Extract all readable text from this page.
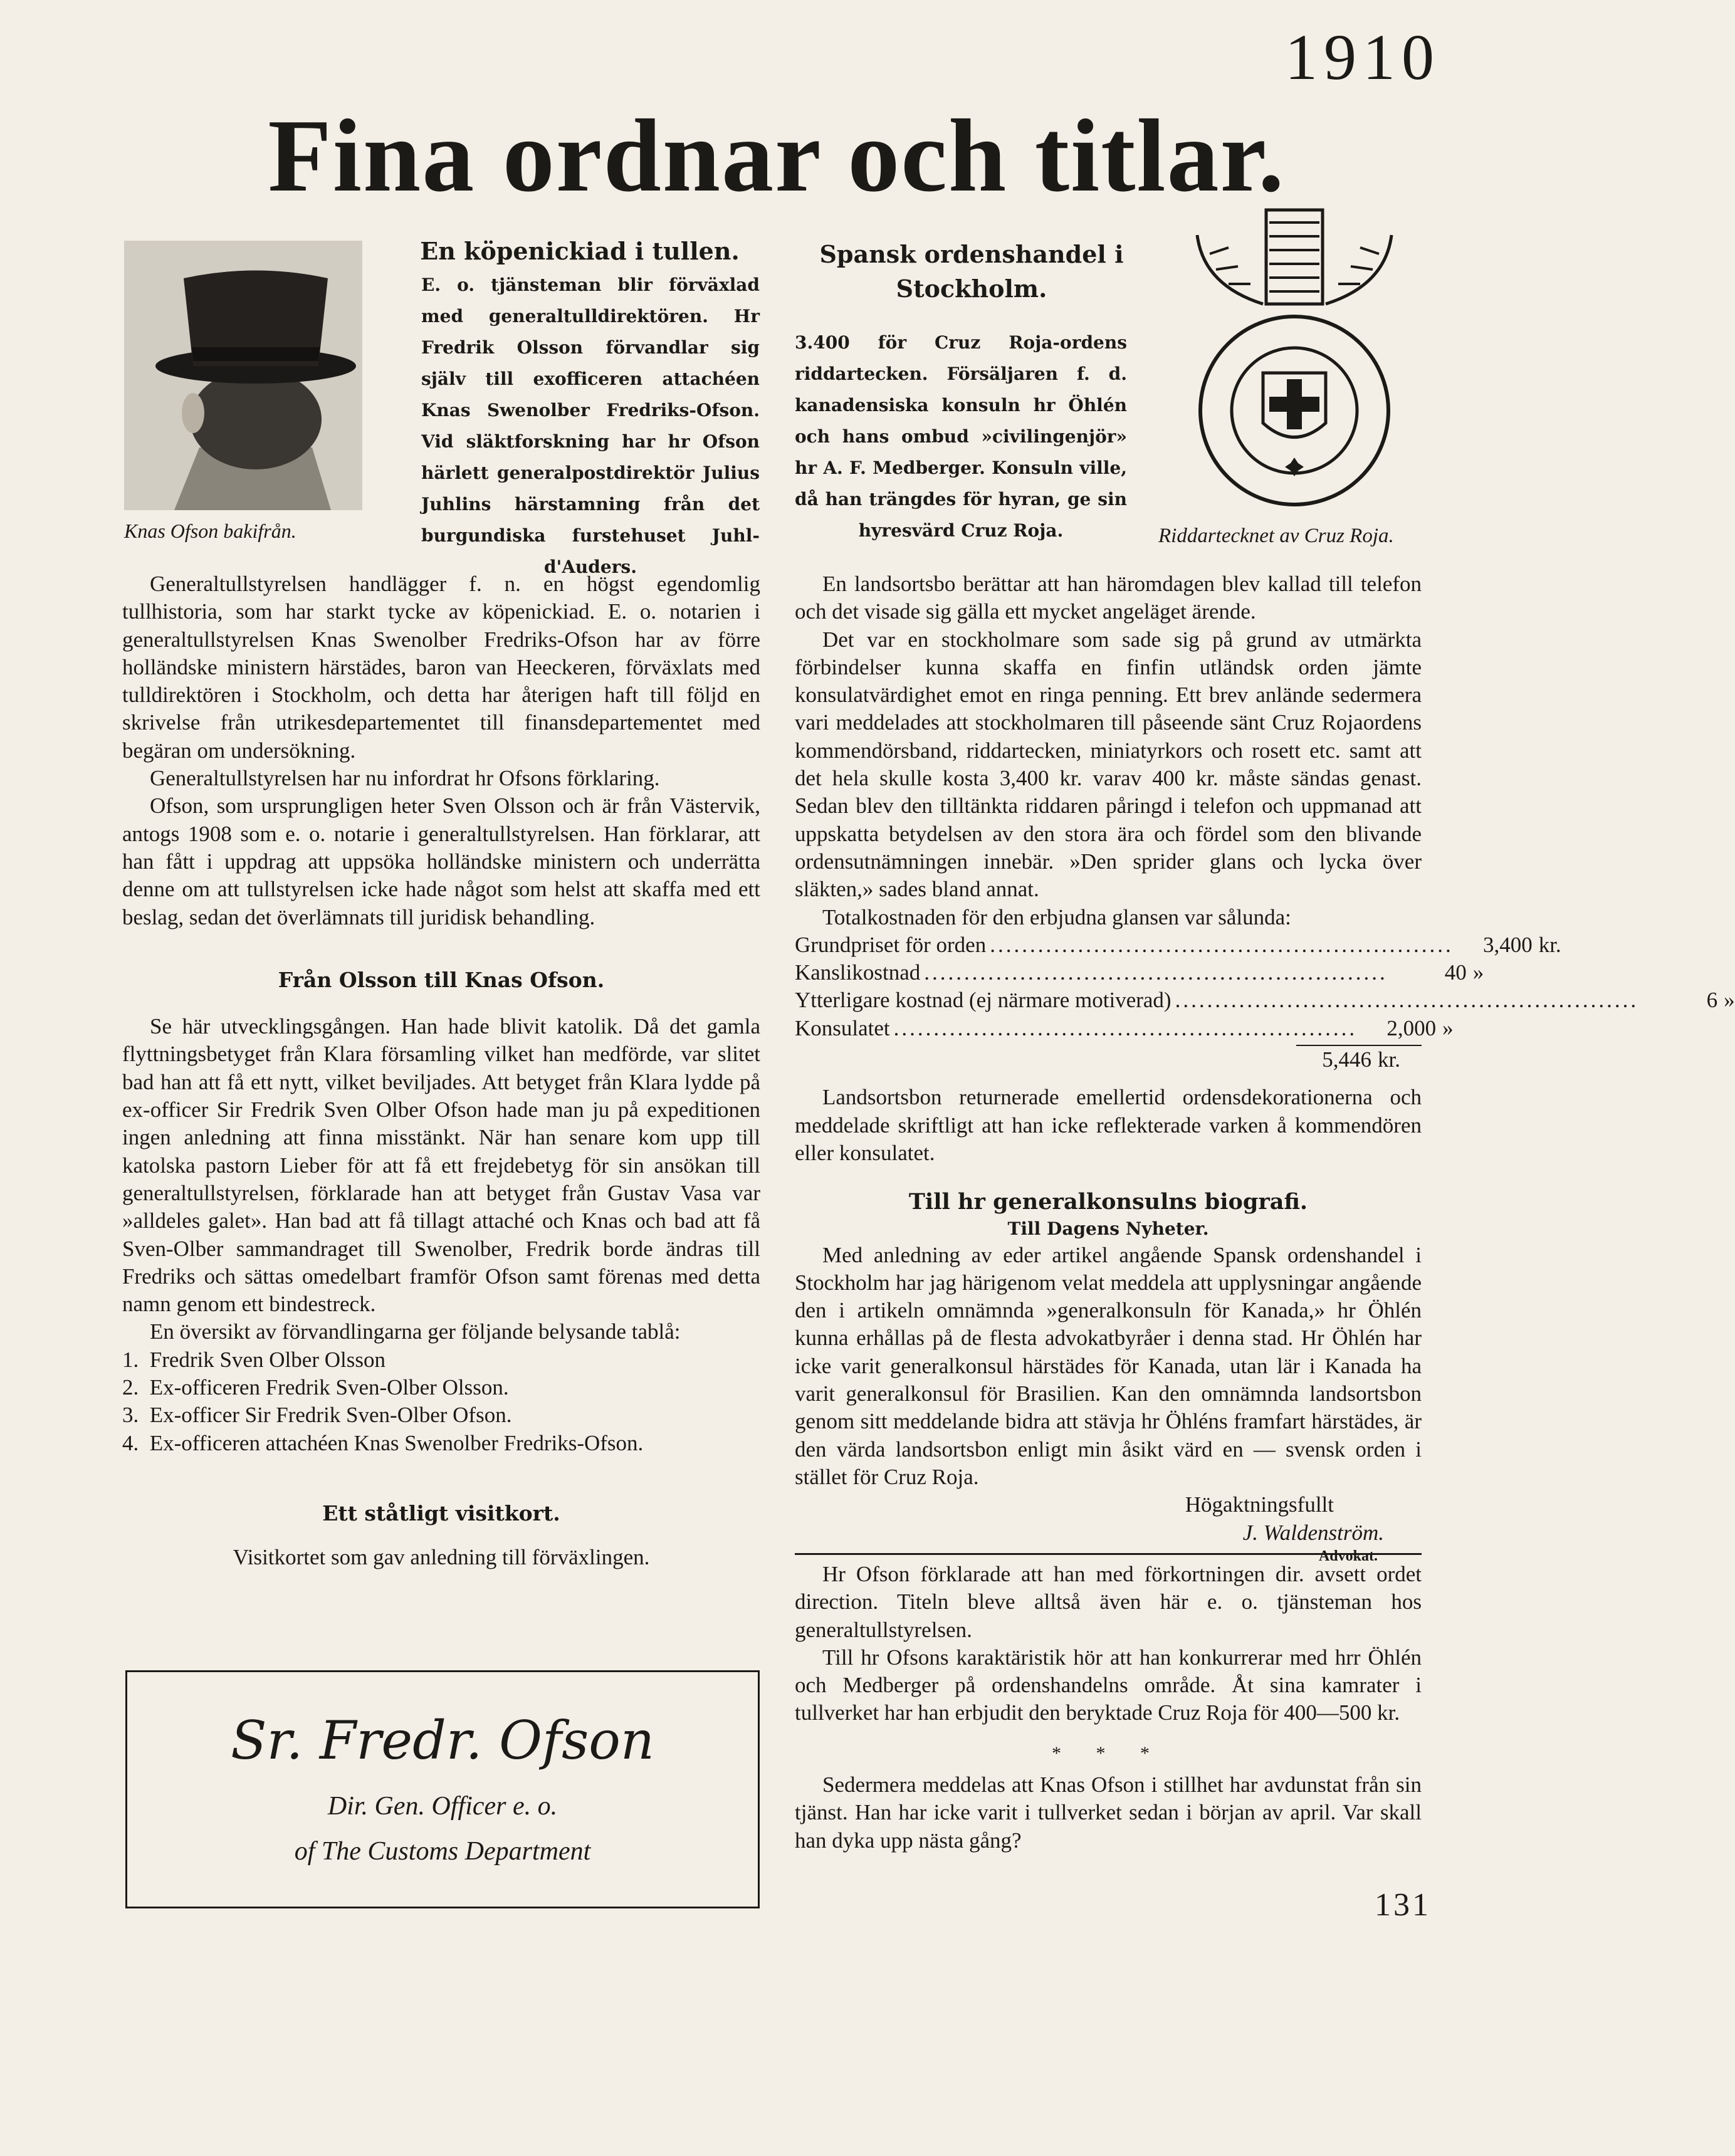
1910
Fina ordnar och titlar.
Knas Ofson bakifrån.
En köpenickiad i tullen.
E. o. tjänsteman blir förväxlad med generaltulldirektören. Hr Fredrik Olsson förvandlar sig själv till exofficeren attachéen Knas Swenolber Fredriks-Ofson. Vid släktforskning har hr Ofson härlett generalpostdirektör Julius Juhlins härstamning från det burgundiska furstehuset Juhl-d'Auders.
Spansk ordenshandel i Stockholm.
3.400 för Cruz Roja-ordens riddartecken. Försäljaren f. d. kanadensiska konsuln hr Öhlén och hans ombud »civilingenjör» hr A. F. Medberger. Konsuln ville, då han trängdes för hyran, ge sin hyresvärd Cruz Roja.	Riddartecknet av Cruz Roja.

Generaltullstyrelsen handlägger f. n. en högst egendomlig tullhistoria, som har starkt tycke av köpenickiad. E. o. notarien i generaltullstyrelsen Knas Swenolber Fredriks-Ofson har av förre holländske ministern härstädes, baron van Heeckeren, förväxlats med tulldirektören i Stockholm, och detta har återigen haft till följd en skrivelse från utrikesdepartementet till finansdepartementet med begäran om undersökning.

Generaltullstyrelsen har nu infordrat hr Ofsons förklaring.

Ofson, som ursprungligen heter Sven Olsson och är från Västervik, antogs 1908 som e. o. notarie i generaltullstyrelsen. Han förklarar, att han fått i uppdrag att uppsöka holländske ministern och underrätta denne om att tullstyrelsen icke hade något som helst att skaffa med ett beslag, sedan det överlämnats till juridisk behandling.

Från Olsson till Knas Ofson.

Se här utvecklingsgången. Han hade blivit katolik. Då det gamla flyttningsbetyget från Klara församling vilket han medförde, var slitet bad han att få ett nytt, vilket beviljades. Att betyget från Klara lydde på ex-officer Sir Fredrik Sven Olber Ofson hade man ju på expeditionen ingen anledning att finna misstänkt. När han senare kom upp till katolska pastorn Lieber för att få ett frejdebetyg för sin ansökan till generaltullstyrelsen, förklarade han att betyget från Gustav Vasa var »alldeles galet». Han bad att få tillagt attaché och Knas och bad att få Sven-Olber sammandraget till Swenolber, Fredrik borde ändras till Fredriks och sättas omedelbart framför Ofson samt förenas med detta namn genom ett bindestreck.

En översikt av förvandlingarna ger följande belysande tablå:

1. Fredrik Sven Olber Olsson

2. Ex-officeren Fredrik Sven-Olber Olsson.

3. Ex-officer Sir Fredrik Sven-Olber Ofson.

4. Ex-officeren attachéen Knas Swenolber Fredriks-Ofson.

Ett ståtligt visitkort.

Visitkortet som gav anledning till förväxlingen.

Sr. Fredr. Ofson
Dir. Gen. Officer e. o.
of The Customs Department

En landsortsbo berättar att han häromdagen blev kallad till telefon och det visade sig gälla ett mycket angeläget ärende.

Det var en stockholmare som sade sig på grund av utmärkta förbindelser kunna skaffa en finfin utländsk orden jämte konsulatvärdighet emot en ringa penning. Ett brev anlände sedermera vari meddelades att stockholmaren till påseende sänt Cruz Rojaordens kommendörsband, riddartecken, miniatyrkors och rosett etc. samt att det hela skulle kosta 3,400 kr. varav 400 kr. måste sändas genast. Sedan blev den tilltänkta riddaren påringd i telefon och uppmanad att uppskatta betydelsen av den stora ära och fördel som den blivande ordensutnämningen innebär. »Den sprider glans och lycka över släkten,» sades bland annat.

Totalkostnaden för den erbjudna glansen var sålunda:

Grundpriset för orden ..........................................................	3,400 kr.
Kanslikostnad ..........................................................	40 »
Ytterligare kostnad (ej närmare motiverad) ..........................................................	6 »
Konsulatet ..........................................................	2,000 »
5,446 kr.

Landsortsbon returnerade emellertid ordensdekorationerna och meddelade skriftligt att han icke reflekterade varken å kommendören eller konsulatet.

Till hr generalkonsulns biografi.

Till Dagens Nyheter.

Med anledning av eder artikel angående Spansk ordenshandel i Stockholm har jag härigenom velat meddela att upplysningar angående den i artikeln omnämnda »generalkonsuln för Kanada,» hr Öhlén kunna erhållas på de flesta advokatbyråer i denna stad. Hr Öhlén har icke varit generalkonsul härstädes för Kanada, utan lär i Kanada ha varit generalkonsul för Brasilien. Kan den omnämnda landsortsbon genom sitt meddelande bidra att stävja hr Öhléns framfart härstädes, är den värda landsortsbon enligt min åsikt värd en — svensk orden i stället för Cruz Roja.

Högaktningsfullt

J. Waldenström.

Advokat.

Hr Ofson förklarade att han med förkortningen dir. avsett ordet direction. Titeln bleve alltså även här e. o. tjänsteman hos generaltullstyrelsen.

Till hr Ofsons karaktäristik hör att han konkurrerar med hrr Öhlén och Medberger på ordenshandelns område. Åt sina kamrater i tullverket har han erbjudit den beryktade Cruz Roja för 400—500 kr.

* * *

Sedermera meddelas att Knas Ofson i stillhet har avdunstat från sin tjänst. Han har icke varit i tullverket sedan i början av april. Var skall han dyka upp nästa gång?

131
